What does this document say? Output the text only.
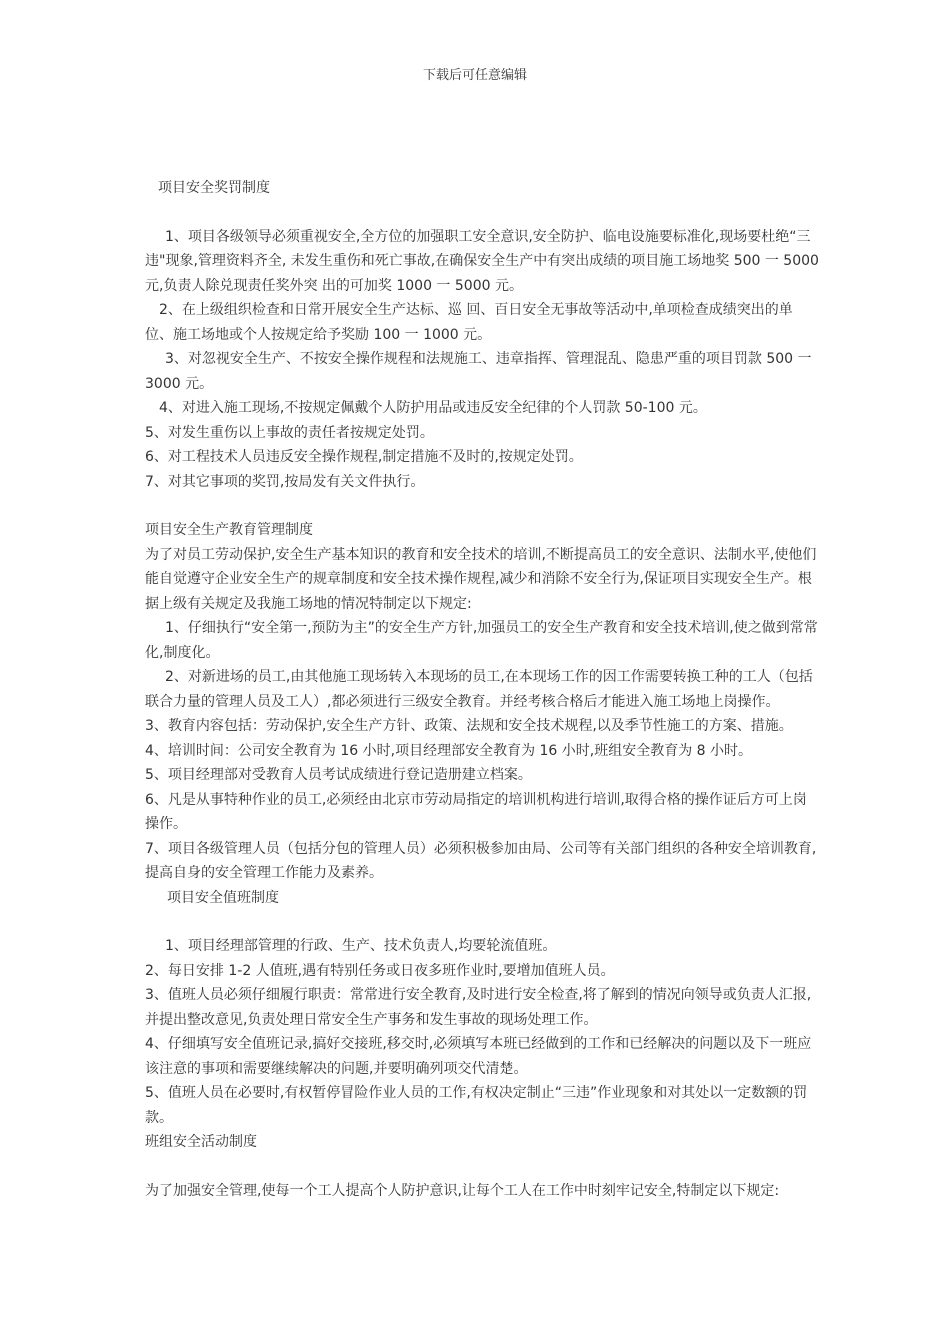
下载后可任意编辑

项目安全奖罚制度

1、项目各级领导必须重视安全,全方位的加强职工安全意识,安全防护、临电设施要标准化,现场要杜绝“三违"现象,管理资料齐全, 未发生重伤和死亡事故,在确保安全生产中有突出成绩的项目施工场地奖 500 一 5000 元,负责人除兑现责任奖外突 出的可加奖 1000 一 5000 元。

2、在上级组织检查和日常开展安全生产达标、巡 回、百日安全无事故等活动中,单项检查成绩突出的单位、施工场地或个人按规定给予奖励 100 一 1000 元。

3、对忽视安全生产、不按安全操作规程和法规施工、违章指挥、管理混乱、隐患严重的项目罚款 500 一 3000 元。

4、对进入施工现场,不按规定佩戴个人防护用品或违反安全纪律的个人罚款 50-100 元。

5、对发生重伤以上事故的责任者按规定处罚。

6、对工程技术人员违反安全操作规程,制定措施不及时的,按规定处罚。

7、对其它事项的奖罚,按局发有关文件执行。

项目安全生产教育管理制度

为了对员工劳动保护,安全生产基本知识的教育和安全技术的培训,不断提高员工的安全意识、法制水平,使他们能自觉遵守企业安全生产的规章制度和安全技术操作规程,减少和消除不安全行为,保证项目实现安全生产。根据上级有关规定及我施工场地的情况特制定以下规定:

1、仔细执行“安全第一,预防为主”的安全生产方针,加强员工的安全生产教育和安全技术培训,使之做到常常化,制度化。

2、对新进场的员工,由其他施工现场转入本现场的员工,在本现场工作的因工作需要转换工种的工人（包括联合力量的管理人员及工人）,都必须进行三级安全教育。并经考核合格后才能进入施工场地上岗操作。

3、教育内容包括：劳动保护,安全生产方针、政策、法规和安全技术规程,以及季节性施工的方案、措施。

4、培训时间：公司安全教育为 16 小时,项目经理部安全教育为 16 小时,班组安全教育为 8 小时。

5、项目经理部对受教育人员考试成绩进行登记造册建立档案。

6、凡是从事特种作业的员工,必须经由北京市劳动局指定的培训机构进行培训,取得合格的操作证后方可上岗操作。

7、项目各级管理人员（包括分包的管理人员）必须积极参加由局、公司等有关部门组织的各种安全培训教育,提高自身的安全管理工作能力及素养。

项目安全值班制度

1、项目经理部管理的行政、生产、技术负责人,均要轮流值班。

2、每日安排 1-2 人值班,遇有特别任务或日夜多班作业时,要增加值班人员。

3、值班人员必须仔细履行职责：常常进行安全教育,及时进行安全检查,将了解到的情况向领导或负责人汇报,并提出整改意见,负责处理日常安全生产事务和发生事故的现场处理工作。

4、仔细填写安全值班记录,搞好交接班,移交时,必须填写本班已经做到的工作和已经解决的问题以及下一班应该注意的事项和需要继续解决的问题,并要明确列项交代清楚。

5、值班人员在必要时,有权暂停冒险作业人员的工作,有权决定制止“三违”作业现象和对其处以一定数额的罚款。

班组安全活动制度

为了加强安全管理,使每一个工人提高个人防护意识,让每个工人在工作中时刻牢记安全,特制定以下规定:
